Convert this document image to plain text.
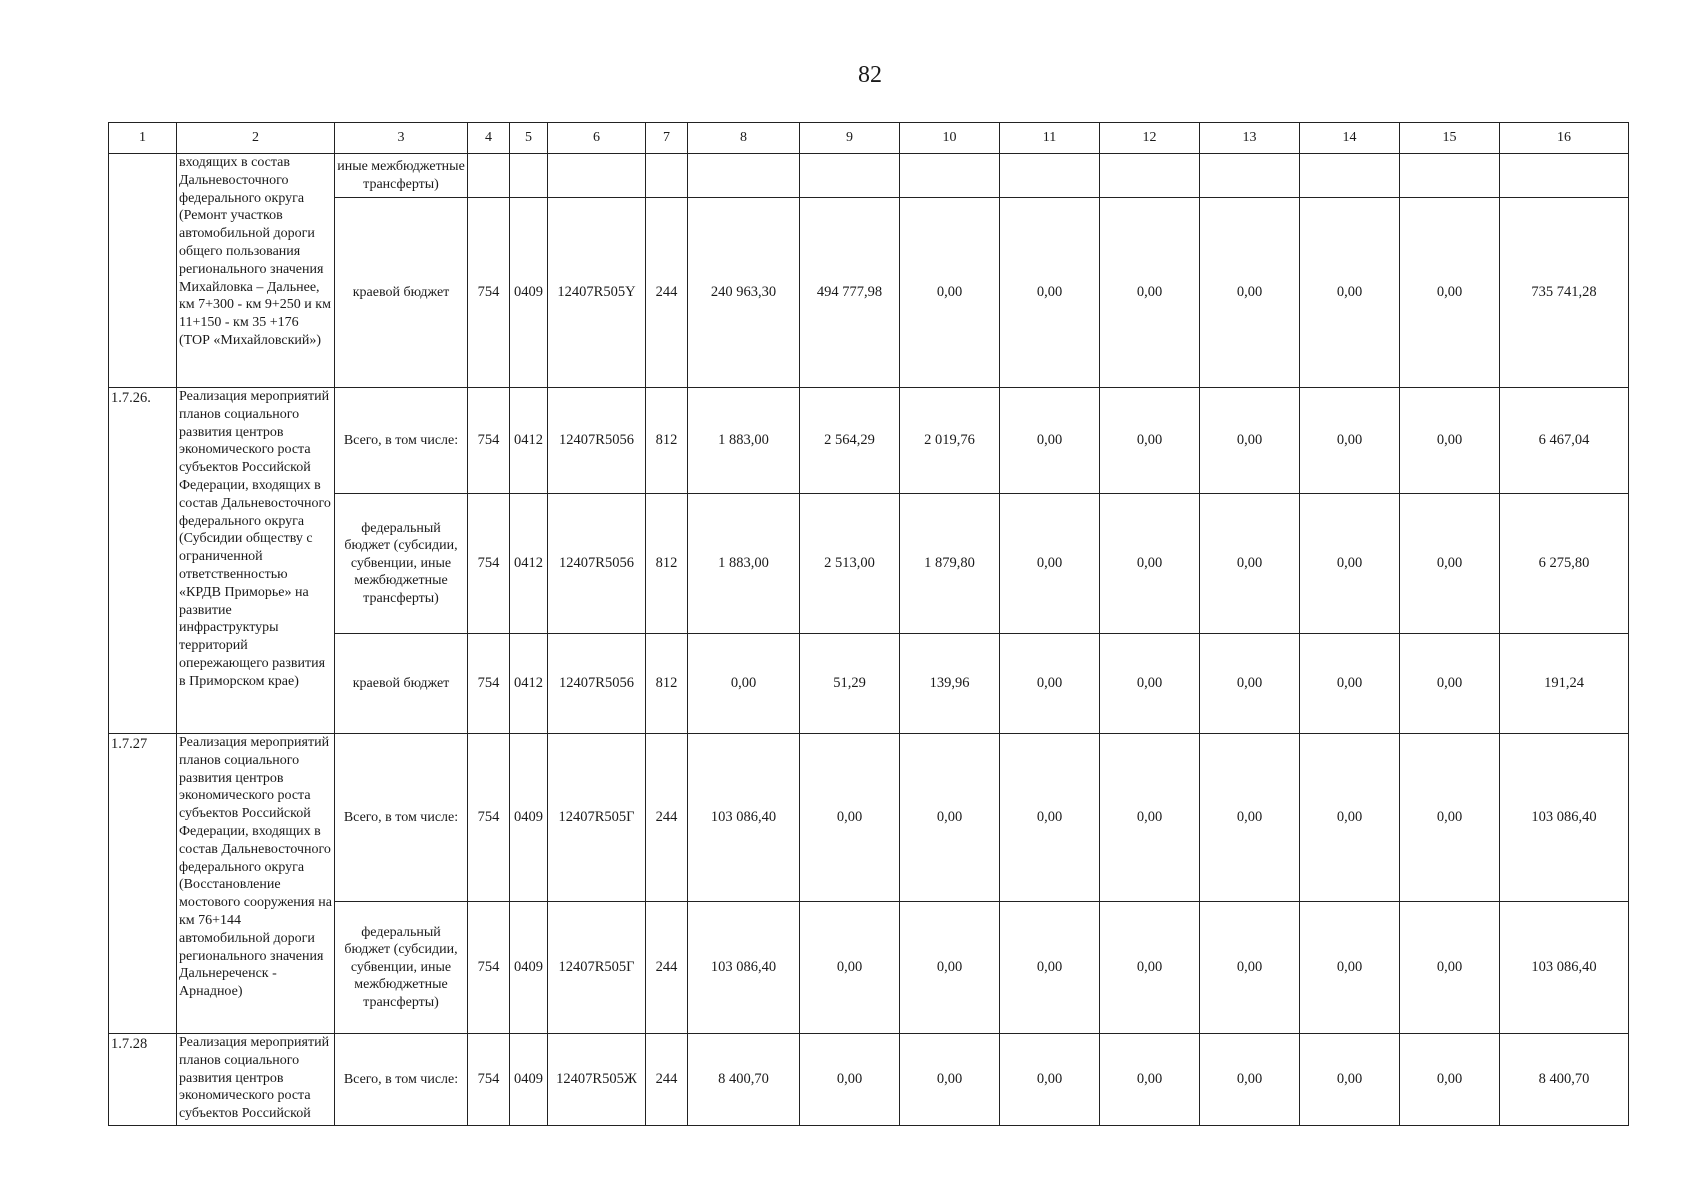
82
1	2	3	4	5	6	7	8	9	10	11	12	13	14	15	16
	входящих в состав Дальневосточного федерального округа (Ремонт участков автомобильной дороги общего пользования регионального значения Михайловка – Дальнее, км 7+300 - км 9+250 и км 11+150 - км 35 +176 (ТОР «Михайловский»)	иные межбюджетные трансферты)													
		краевой бюджет	754	0409	12407R505Y	244	240 963,30	494 777,98	0,00	0,00	0,00	0,00	0,00	0,00	735 741,28
1.7.26.	Реализация мероприятий планов социального развития центров экономического роста субъектов Российской Федерации, входящих в состав Дальневосточного федерального округа (Субсидии обществу с ограниченной ответственностью «КРДВ Приморье» на развитие инфраструктуры территорий опережающего развития в Приморском крае)	Всего, в том числе:	754	0412	12407R5056	812	1 883,00	2 564,29	2 019,76	0,00	0,00	0,00	0,00	0,00	6 467,04
		федеральный бюджет (субсидии, субвенции, иные межбюджетные трансферты)	754	0412	12407R5056	812	1 883,00	2 513,00	1 879,80	0,00	0,00	0,00	0,00	0,00	6 275,80
		краевой бюджет	754	0412	12407R5056	812	0,00	51,29	139,96	0,00	0,00	0,00	0,00	0,00	191,24
1.7.27	Реализация мероприятий планов социального развития центров экономического роста субъектов Российской Федерации, входящих в состав Дальневосточного федерального округа (Восстановление мостового сооружения на км 76+144 автомобильной дороги регионального значения Дальнереченск - Арнадное)	Всего, в том числе:	754	0409	12407R505Г	244	103 086,40	0,00	0,00	0,00	0,00	0,00	0,00	0,00	103 086,40
		федеральный бюджет (субсидии, субвенции, иные межбюджетные трансферты)	754	0409	12407R505Г	244	103 086,40	0,00	0,00	0,00	0,00	0,00	0,00	0,00	103 086,40
1.7.28	Реализация мероприятий планов социального развития центров экономического роста субъектов Российской	Всего, в том числе:	754	0409	12407R505Ж	244	8 400,70	0,00	0,00	0,00	0,00	0,00	0,00	0,00	8 400,70
